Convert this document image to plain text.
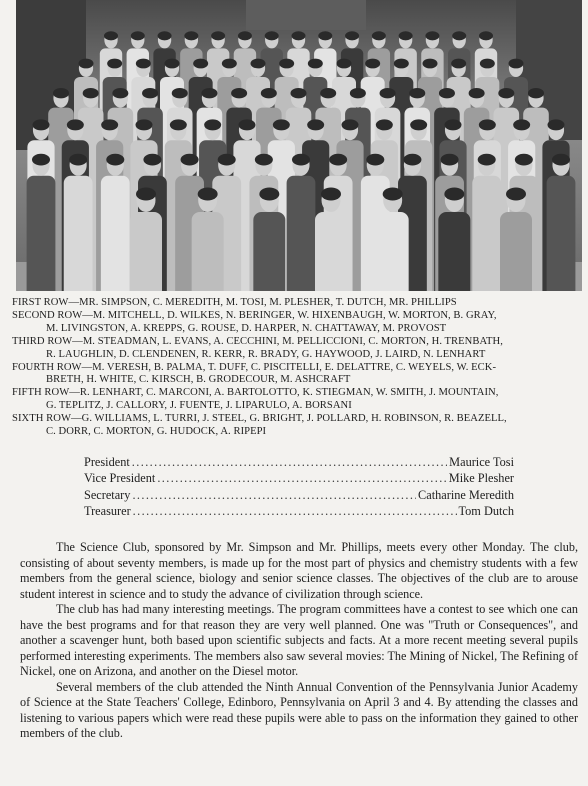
FIRST ROW—MR. SIMPSON, C. MEREDITH, M. TOSI, M. PLESHER, T. DUTCH, MR. PHILLIPS
SECOND ROW—M. MITCHELL, D. WILKES, N. BERINGER, W. HIXENBAUGH, W. MORTON, B. GRAY,
M. LIVINGSTON, A. KREPPS, G. ROUSE, D. HARPER, N. CHATTAWAY, M. PROVOST
THIRD ROW—M. STEADMAN, L. EVANS, A. CECCHINI, M. PELLICCIONI, C. MORTON, H. TRENBATH,
R. LAUGHLIN, D. CLENDENEN, R. KERR, R. BRADY, G. HAYWOOD, J. LAIRD, N. LENHART
FOURTH ROW—M. VERESH, B. PALMA, T. DUFF, C. PISCITELLI, E. DELATTRE, C. WEYELS, W. ECK-
BRETH, H. WHITE, C. KIRSCH, B. GRODECOUR, M. ASHCRAFT
FIFTH ROW—R. LENHART, C. MARCONI, A. BARTOLOTTO, K. STIEGMAN, W. SMITH, J. MOUNTAIN,
G. TEPLITZ, J. CALLORY, J. FUENTE, J. LIPARULO, A. BORSANI
SIXTH ROW—G. WILLIAMS, L. TURRI, J. STEEL, G. BRIGHT, J. POLLARD, H. ROBINSON, R. BEAZELL,
C. DORR, C. MORTON, G. HUDOCK, A. RIPEPI
President .....	Maurice Tosi
Vice President .....	Mike Plesher
Secretary .....	Catharine Meredith
Treasurer .....	Tom Dutch

The Science Club, sponsored by Mr. Simpson and Mr. Phillips, meets every other Monday. The club, consisting of about seventy members, is made up for the most part of physics and chemistry students with a few members from the general science, biology and senior science classes. The objectives of the club are to arouse student interest in science and to study the advance of civilization through science.

The club has had many interesting meetings. The program committees have a contest to see which one can have the best programs and for that reason they are very well planned. One was "Truth or Consequences", and another a scavenger hunt, both based upon scientific subjects and facts. At a more recent meeting several pupils performed interesting experiments. The members also saw several movies: The Mining of Nickel, The Refining of Nickel, one on Arizona, and another on the Diesel motor.

Several members of the club attended the Ninth Annual Convention of the Pennsylvania Junior Academy of Science at the State Teachers' College, Edinboro, Pennsylvania on April 3 and 4. By attending the classes and listening to various papers which were read these pupils were able to pass on the information they gained to other members of the club.
